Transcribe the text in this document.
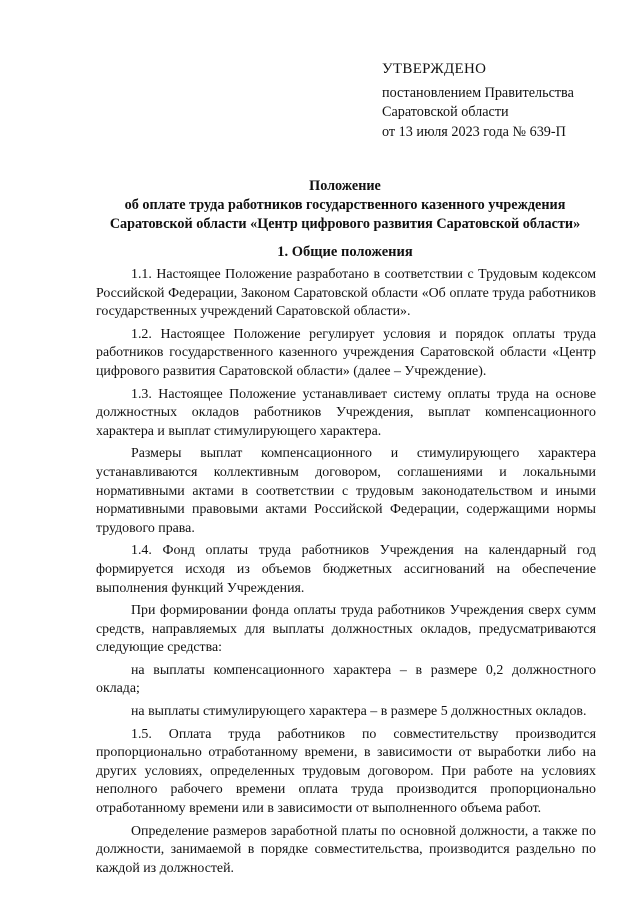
УТВЕРЖДЕНО
постановлением Правительства
Саратовской области
от 13 июля 2023 года № 639-П
Положение
об оплате труда работников государственного казенного учреждения
Саратовской области «Центр цифрового развития Саратовской области»
1. Общие положения

1.1. Настоящее Положение разработано в соответствии с Трудовым кодексом Российской Федерации, Законом Саратовской области «Об оплате труда работников государственных учреждений Саратовской области».

1.2. Настоящее Положение регулирует условия и порядок оплаты труда работников государственного казенного учреждения Саратовской области «Центр цифрового развития Саратовской области» (далее – Учреждение).

1.3. Настоящее Положение устанавливает систему оплаты труда на основе должностных окладов работников Учреждения, выплат компенсационного характера и выплат стимулирующего характера.

Размеры выплат компенсационного и стимулирующего характера устанавливаются коллективным договором, соглашениями и локальными нормативными актами в соответствии с трудовым законодательством и иными нормативными правовыми актами Российской Федерации, содержащими нормы трудового права.

1.4. Фонд оплаты труда работников Учреждения на календарный год формируется исходя из объемов бюджетных ассигнований на обеспечение выполнения функций Учреждения.

При формировании фонда оплаты труда работников Учреждения сверх сумм средств, направляемых для выплаты должностных окладов, предусматриваются следующие средства:

на выплаты компенсационного характера – в размере 0,2 должностного оклада;

на выплаты стимулирующего характера – в размере 5 должностных окладов.

1.5. Оплата труда работников по совместительству производится пропорционально отработанному времени, в зависимости от выработки либо на других условиях, определенных трудовым договором. При работе на условиях неполного рабочего времени оплата труда производится пропорционально отработанному времени или в зависимости от выполненного объема работ.

Определение размеров заработной платы по основной должности, а также по должности, занимаемой в порядке совместительства, производится раздельно по каждой из должностей.
